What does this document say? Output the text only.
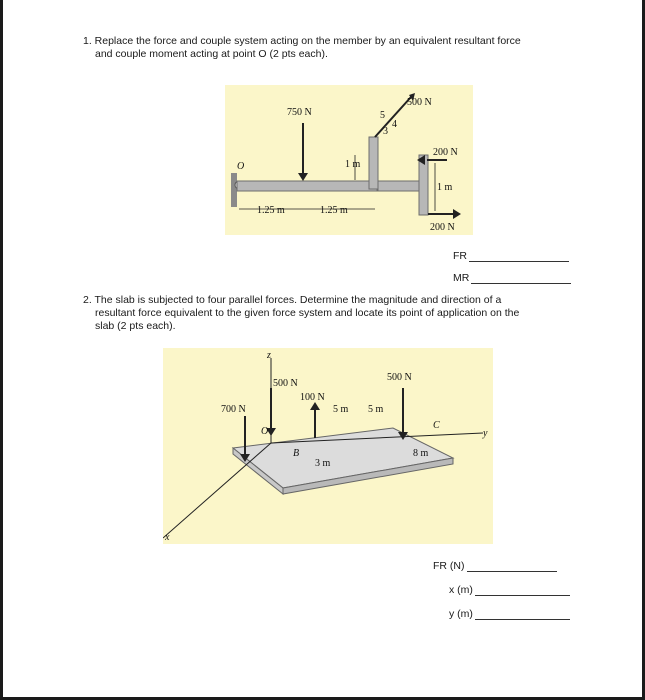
1. Replace the force and couple system acting on the member by an equivalent resultant force
and couple moment acting at point O (2 pts each).
750 N
500 N
200 N
200 N
1 m
1 m
1.25 m	1.25 m
O
5
4
3
FR
MR
2. The slab is subjected to four parallel forces. Determine the magnitude and direction of a
resultant force equivalent to the given force system and locate its point of application on the
slab (2 pts each).
500 N
100 N
700 N
500 N
5 m 5 m
3 m
8 m
O
B
C
z
x
y
FR (N)
x (m)
y (m)
